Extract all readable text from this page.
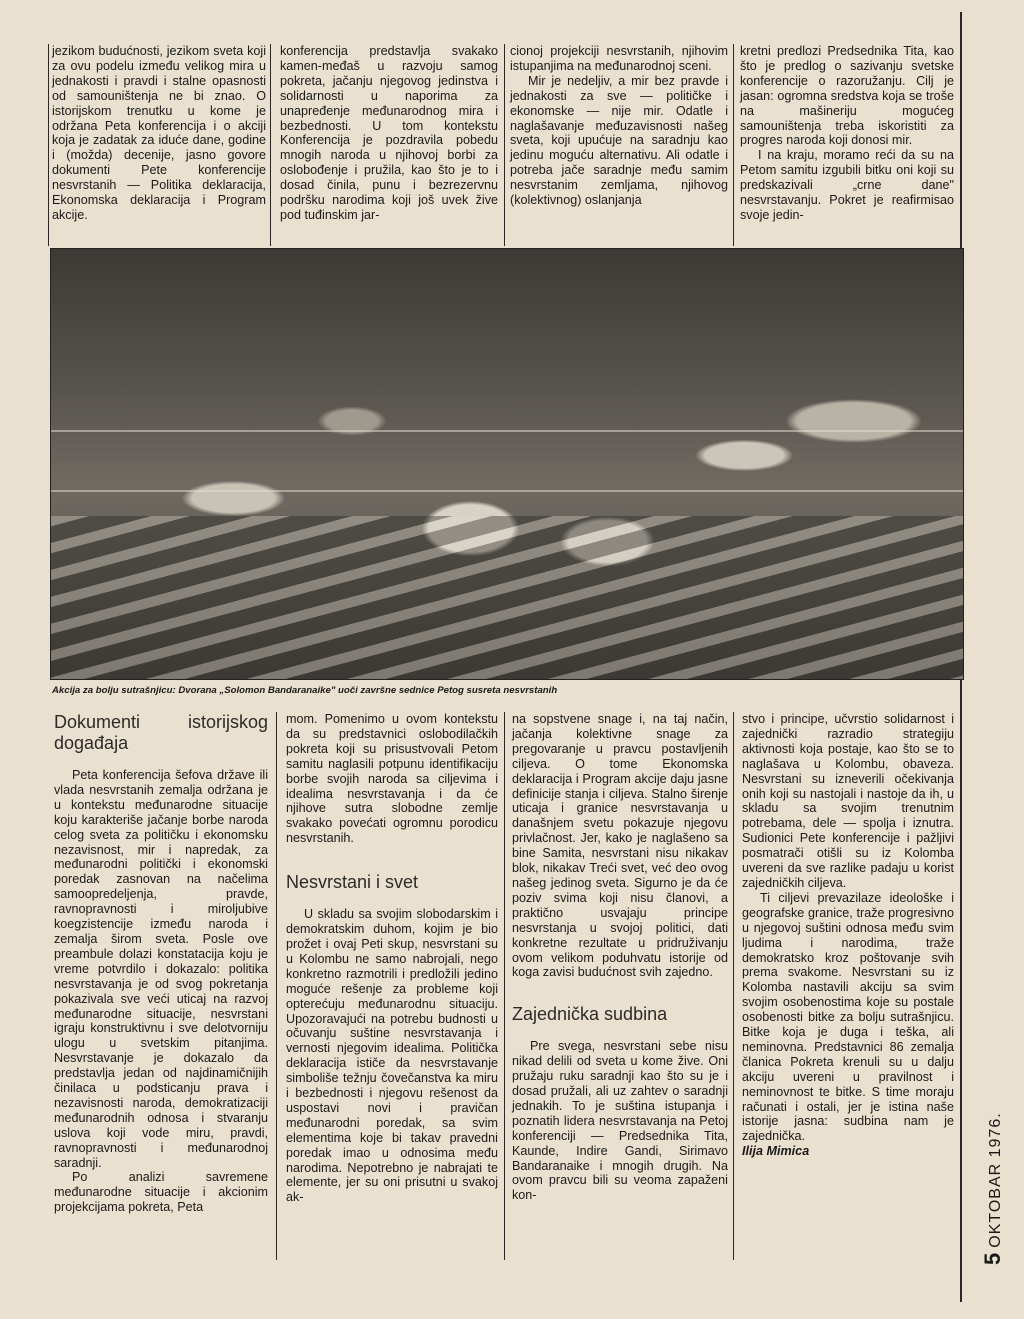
jezikom budućnosti, jezikom sveta koji za ovu podelu između velikog mira u jednakosti i pravdi i stalne opasnosti od samouništenja ne bi znao. O istorijskom trenutku u kome je održana Peta konferencija i o akciji koja je zadatak za iduće dane, godine i (možda) decenije, jasno govore dokumenti Pete konferencije nesvrstanih — Politika deklaracija, Ekonomska deklaracija i Program akcije.

konferencija predstavlja svakako kamen-međaš u razvoju samog pokreta, jačanju njegovog jedinstva i solidarnosti u naporima za unapređenje međunarodnog mira i bezbednosti. U tom kontekstu Konferencija je pozdravila pobedu mnogih naroda u njihovoj borbi za oslobođenje i pružila, kao što je to i dosad činila, punu i bezrezervnu podršku narodima koji još uvek žive pod tuđinskim jar-

cionoj projekciji nesvrstanih, njihovim istupanjima na međunarodnoj sceni.

Mir je nedeljiv, a mir bez pravde i jednakosti za sve — političke i ekonomske — nije mir. Odatle i naglašavanje međuzavisnosti našeg sveta, koji upućuje na saradnju kao jedinu moguću alternativu. Ali odatle i potreba jače saradnje među samim nesvrstanim zemljama, njihovog (kolektivnog) oslanjanja

kretni predlozi Predsednika Tita, kao što je predlog o sazivanju svetske konferencije o razoružanju. Cilj je jasan: ogromna sredstva koja se troše na mašineriju mogućeg samouništenja treba iskoristiti za progres naroda koji donosi mir.

I na kraju, moramo reći da su na Petom samitu izgubili bitku oni koji su predskazivali „crne dane" nesvrstavanju. Pokret je reafirmisao svoje jedin-

Akcija za bolju sutrašnjicu: Dvorana „Solomon Bandaranaike" uoči završne sednice Petog susreta nesvrstanih
Dokumenti istorijskog događaja

Peta konferencija šefova države ili vlada nesvrstanih zemalja održana je u kontekstu međunarodne situacije koju karakteriše jačanje borbe naroda celog sveta za političku i ekonomsku nezavisnost, mir i napredak, za međunarodni politički i ekonomski poredak zasnovan na načelima samoopredeljenja, pravde, ravnopravnosti i miroljubive koegzistencije između naroda i zemalja širom sveta. Posle ove preambule dolazi konstatacija koju je vreme potvrdilo i dokazalo: politika nesvrstavanja je od svog pokretanja pokazivala sve veći uticaj na razvoj međunarodne situacije, nesvrstani igraju konstruktivnu i sve delotvorniju ulogu u svetskim pitanjima. Nesvrstavanje je dokazalo da predstavlja jedan od najdinamičnijih činilaca u podsticanju prava i nezavisnosti naroda, demokratizaciji međunarodnih odnosa i stvaranju uslova koji vode miru, pravdi, ravnopravnosti i međunarodnoj saradnji.

Po analizi savremene međunarodne situacije i akcionim projekcijama pokreta, Peta

mom. Pomenimo u ovom kontekstu da su predstavnici oslobodilačkih pokreta koji su prisustvovali Petom samitu naglasili potpunu identifikaciju borbe svojih naroda sa ciljevima i idealima nesvrstavanja i da će njihove sutra slobodne zemlje svakako povećati ogromnu porodicu nesvrstanih.

Nesvrstani i svet

U skladu sa svojim slobodarskim i demokratskim duhom, kojim je bio prožet i ovaj Peti skup, nesvrstani su u Kolombu ne samo nabrojali, nego konkretno razmotrili i predložili jedino moguće rešenje za probleme koji opterećuju međunarodnu situaciju. Upozoravajući na potrebu budnosti u očuvanju suštine nesvrstavanja i vernosti njegovim idealima. Politička deklaracija ističe da nesvrstavanje simboliše težnju čovečanstva ka miru i bezbednosti i njegovu rešenost da uspostavi novi i pravičan međunarodni poredak, sa svim elementima koje bi takav pravedni poredak imao u odnosima među narodima. Nepotrebno je nabrajati te elemente, jer su oni prisutni u svakoj ak-

na sopstvene snage i, na taj način, jačanja kolektivne snage za pregovaranje u pravcu postavljenih ciljeva. O tome Ekonomska deklaracija i Program akcije daju jasne definicije stanja i ciljeva. Stalno širenje uticaja i granice nesvrstavanja u današnjem svetu pokazuje njegovu privlačnost. Jer, kako je naglašeno sa bine Samita, nesvrstani nisu nikakav blok, nikakav Treći svet, već deo ovog našeg jedinog sveta. Sigurno je da će poziv svima koji nisu članovi, a praktično usvajaju principe nesvrstanja u svojoj politici, dati konkretne rezultate u pridruživanju ovom velikom poduhvatu istorije od koga zavisi budućnost svih zajedno.

Zajednička sudbina

Pre svega, nesvrstani sebe nisu nikad delili od sveta u kome žive. Oni pružaju ruku saradnji kao što su je i dosad pružali, ali uz zahtev o saradnji jednakih. To je suština istupanja i poznatih lidera nesvrstavanja na Petoj konferenciji — Predsednika Tita, Kaunde, Indire Gandi, Sirimavo Bandaranaike i mnogih drugih. Na ovom pravcu bili su veoma zapaženi kon-

stvo i principe, učvrstio solidarnost i zajednički razradio strategiju aktivnosti koja postaje, kao što se to naglašava u Kolombu, obaveza. Nesvrstani su izneverili očekivanja onih koji su nastojali i nastoje da ih, u skladu sa svojim trenutnim potrebama, dele — spolja i iznutra. Sudionici Pete konferencije i pažljivi posmatrači otišli su iz Kolomba uvereni da sve razlike padaju u korist zajedničkih ciljeva.

Ti ciljevi prevazilaze ideološke i geografske granice, traže progresivno u njegovoj suštini odnosa među svim ljudima i narodima, traže demokratsko kroz poštovanje svih prema svakome. Nesvrstani su iz Kolomba nastavili akciju sa svim svojim osobenostima koje su postale osobenosti bitke za bolju sutrašnjicu. Bitke koja je duga i teška, ali neminovna. Predstavnici 86 zemalja članica Pokreta krenuli su u dalju akciju uvereni u pravilnost i neminovnost te bitke. S time moraju računati i ostali, jer je istina naše istorije jasna: sudbina nam je zajednička.

Ilija Mimica

5OKTOBAR 1976.
